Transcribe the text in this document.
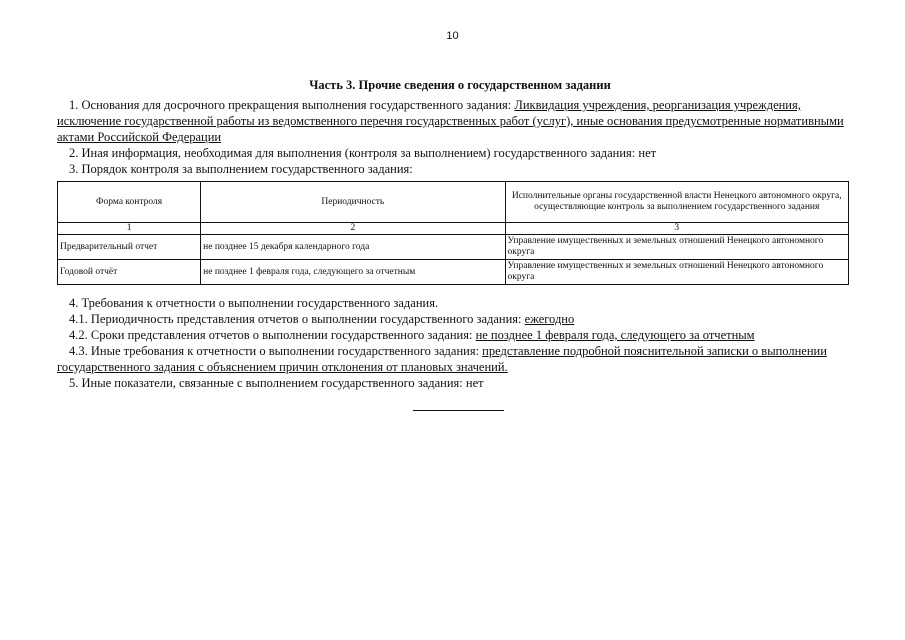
10

Часть 3. Прочие сведения о государственном задании

1. Основания для досрочного прекращения выполнения государственного задания: Ликвидация учреждения, реорганизация учреждения, исключение государственной работы из ведомственного перечня государственных работ (услуг), иные основания предусмотренные нормативными актами Российской Федерации

2. Иная информация, необходимая для выполнения (контроля за выполнением) государственного задания: нет

3. Порядок контроля за выполнением государственного задания:

Форма контроля	Периодичность	Исполнительные органы государственной власти Ненецкого автономного округа, осуществляющие контроль за выполнением государственного задания
1	2	3
Предварительный отчет	не позднее 15 декабря календарного года	Управление имущественных и земельных отношений Ненецкого автономного округа
Годовой отчёт	не позднее 1 февраля года, следующего за отчетным	Управление имущественных и земельных отношений Ненецкого автономного округа

4. Требования к отчетности о выполнении государственного задания.

4.1. Периодичность представления отчетов о выполнении государственного задания: ежегодно

4.2. Сроки представления отчетов о выполнении государственного задания: не позднее 1 февраля года, следующего за отчетным

4.3. Иные требования к отчетности о выполнении государственного задания: представление подробной пояснительной записки о выполнении государственного задания с объяснением причин отклонения от плановых значений.

5. Иные показатели, связанные с выполнением государственного задания: нет
